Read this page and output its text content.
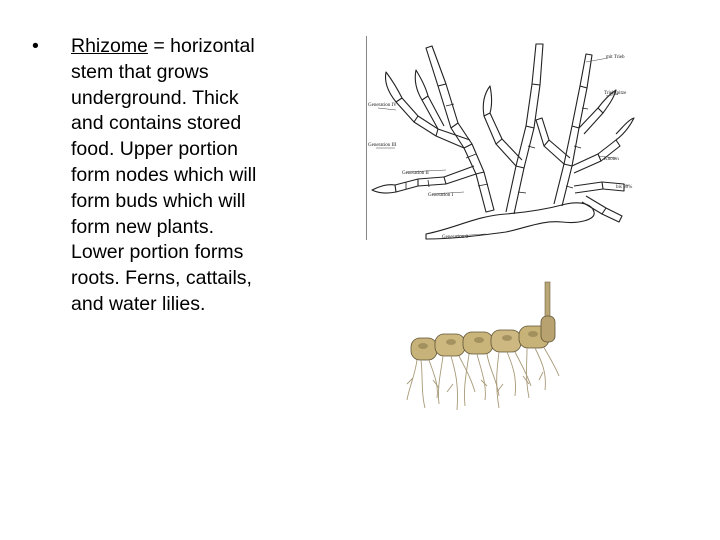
• Rhizome = horizontal
stem that grows
underground. Thick
and contains stored
food. Upper portion
form nodes which will
form buds which will
form new plants.
Lower portion forms
roots. Ferns, cattails,
and water lilies.
Generation IV
Generation III
Generation II
Generation I
Generation 0
mit Trieb
Triebspitze
Knoten
bis 50%
